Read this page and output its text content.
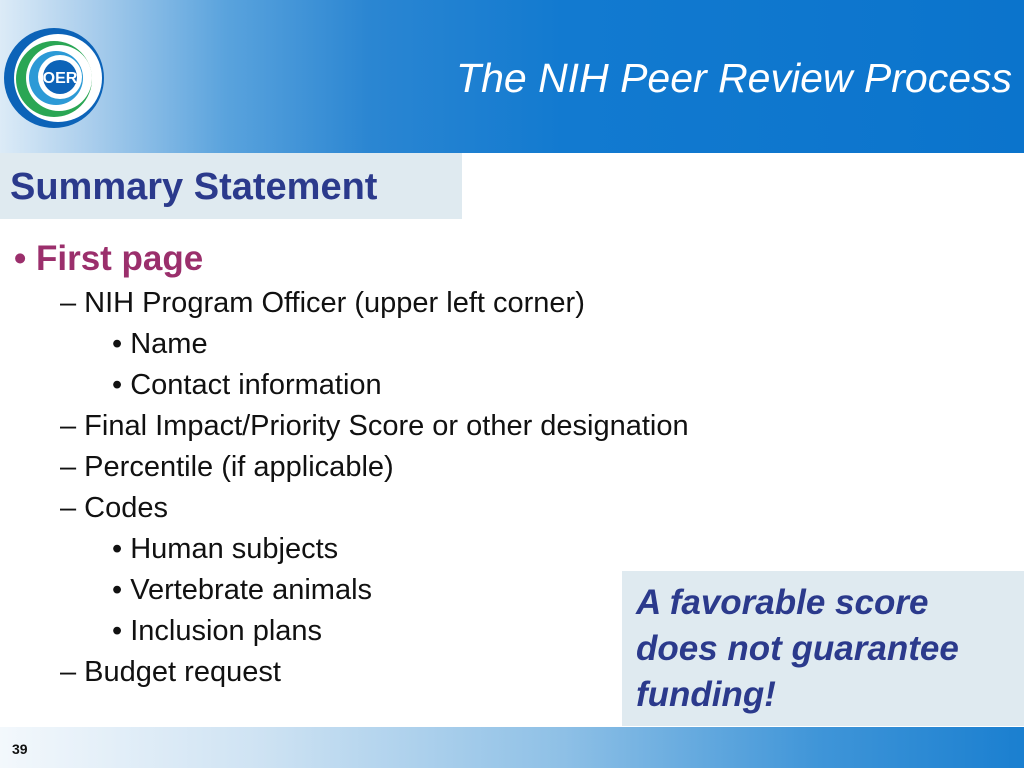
OER	The NIH Peer Review Process
Summary Statement
• First page
– NIH Program Officer (upper left corner)
• Name
• Contact information
– Final Impact/Priority Score or other designation
– Percentile (if applicable)
– Codes
• Human subjects
• Vertebrate animals
• Inclusion plans
– Budget request
A favorable score does not guarantee funding!
39
